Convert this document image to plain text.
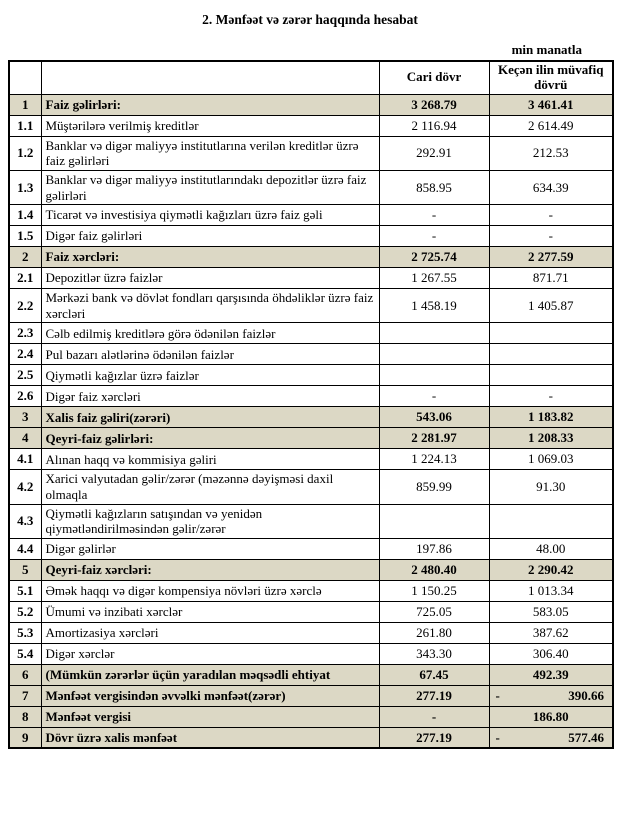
2. Mənfəət və zərər haqqında hesabat
min manatla
		Cari dövr	Keçən ilin müvafiq dövrü
1	Faiz gəlirləri:	3 268.79	3 461.41
1.1	Müştərilərə verilmiş kreditlər	2 116.94	2 614.49
1.2	Banklar və digər maliyyə institutlarına verilən kreditlər üzrə faiz gəlirləri	292.91	212.53
1.3	Banklar və digər maliyyə institutlarındakı depozitlər üzrə faiz gəlirləri	858.95	634.39
1.4	Ticarət və investisiya qiymətli kağızları üzrə faiz gəli	-	-
1.5	Digər faiz gəlirləri	-	-
2	Faiz xərcləri:	2 725.74	2 277.59
2.1	Depozitlər üzrə faizlər	1 267.55	871.71
2.2	Mərkəzi bank və dövlət fondları qarşısında öhdəliklər üzrə faiz xərcləri	1 458.19	1 405.87
2.3	Cəlb edilmiş kreditlərə görə ödənilən faizlər		
2.4	Pul bazarı alətlərinə ödənilən faizlər		
2.5	Qiymətli kağızlar üzrə faizlər		
2.6	Digər faiz xərcləri	-	-
3	Xalis faiz gəliri(zərəri)	543.06	1 183.82
4	Qeyri-faiz gəlirləri:	2 281.97	1 208.33
4.1	Alınan haqq və kommisiya gəliri	1 224.13	1 069.03
4.2	Xarici valyutadan gəlir/zərər (məzənnə dəyişməsi daxil olmaqla	859.99	91.30
4.3	Qiymətli kağızların satışından və yenidən qiymətləndirilməsindən gəlir/zərər		
4.4	Digər gəlirlər	197.86	48.00
5	Qeyri-faiz xərcləri:	2 480.40	2 290.42
5.1	Əmək haqqı və digər kompensiya növləri üzrə xərclə	1 150.25	1 013.34
5.2	Ümumi və inzibati xərclər	725.05	583.05
5.3	Amortizasiya xərcləri	261.80	387.62
5.4	Digər xərclər	343.30	306.40
6	(Mümkün zərərlər üçün yaradılan məqsədli ehtiyat	67.45	492.39
7	Mənfəət vergisindən əvvəlki mənfəət(zərər)	277.19	- 390.66

8	Mənfəət vergisi	-	186.80
9	Dövr üzrə xalis mənfəət	277.19	- 577.46
